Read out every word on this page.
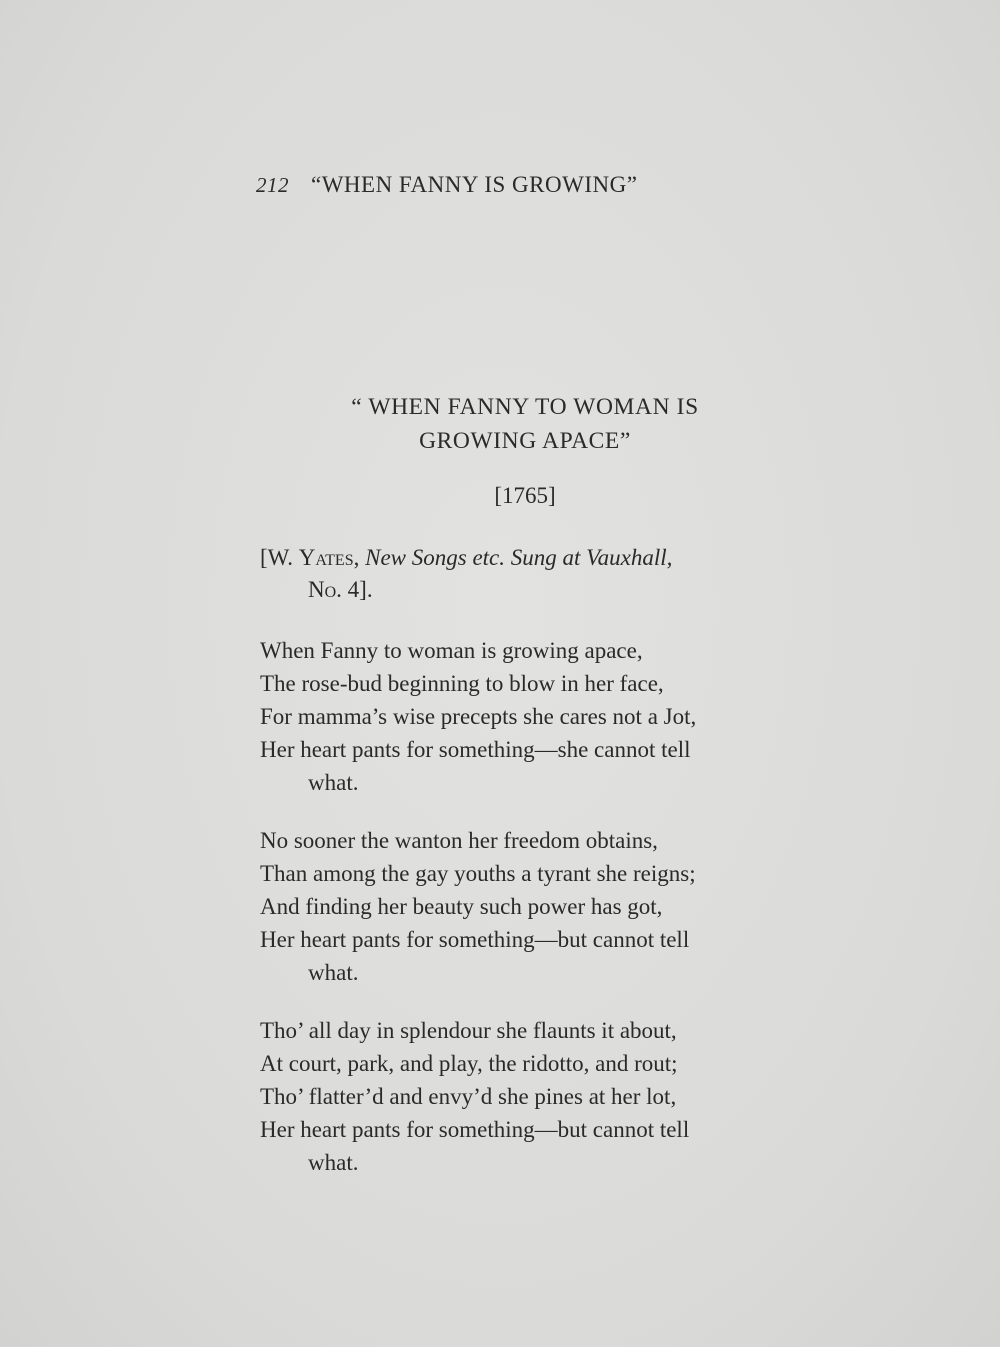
212 “WHEN FANNY IS GROWING”
“ WHEN FANNY TO WOMAN IS
GROWING APACE”
[1765]
[W. Yates, New Songs etc. Sung at Vauxhall,
No. 4].
When Fanny to woman is growing apace,
The rose-bud beginning to blow in her face,
For mamma’s wise precepts she cares not a Jot,
Her heart pants for something—she cannot tell
what.
No sooner the wanton her freedom obtains,
Than among the gay youths a tyrant she reigns;
And finding her beauty such power has got,
Her heart pants for something—but cannot tell
what.
Tho’ all day in splendour she flaunts it about,
At court, park, and play, the ridotto, and rout;
Tho’ flatter’d and envy’d she pines at her lot,
Her heart pants for something—but cannot tell
what.
